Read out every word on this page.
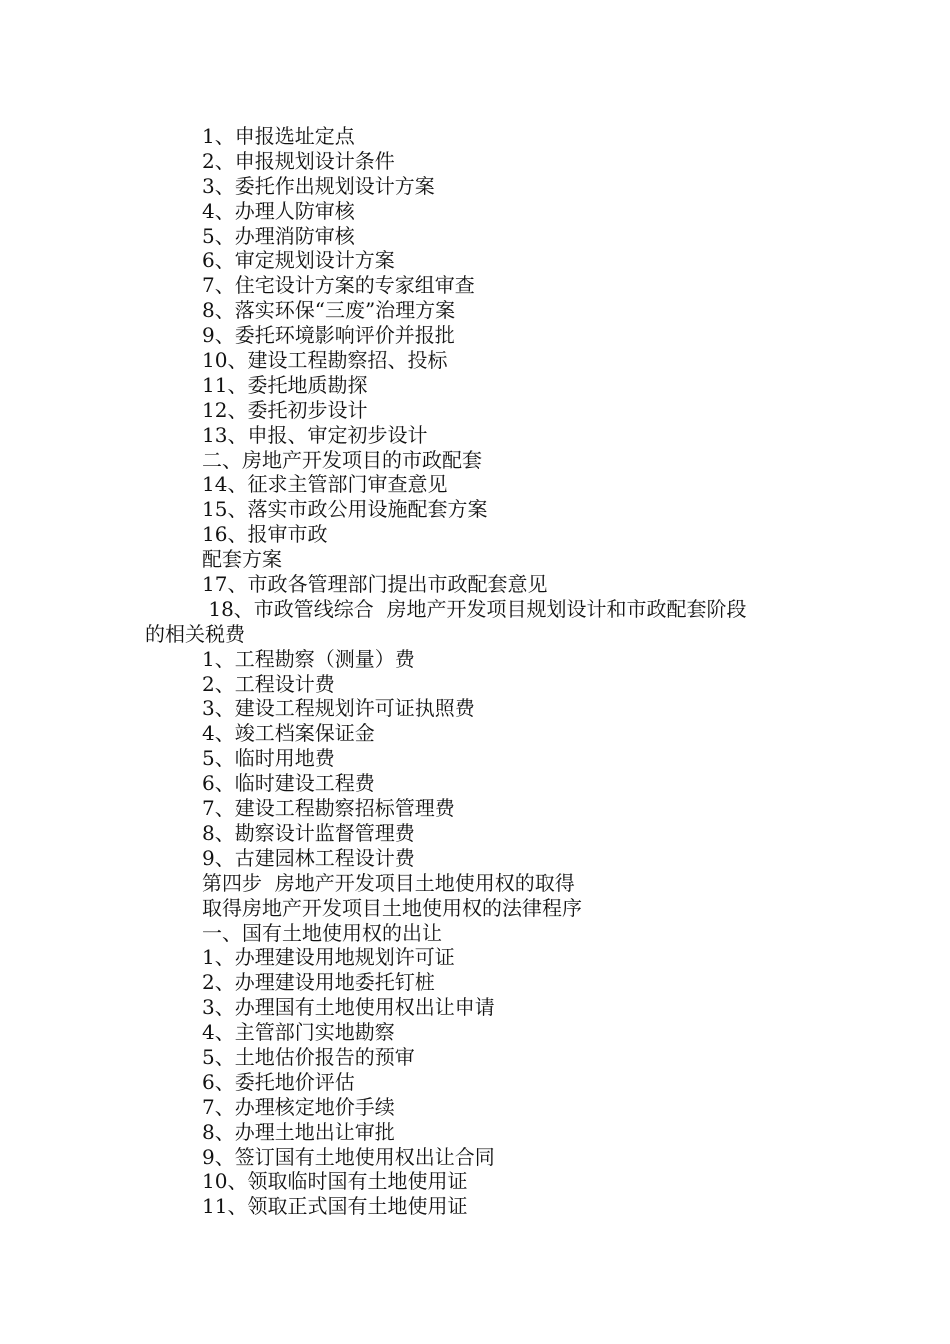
1、申报选址定点
2、申报规划设计条件
3、委托作出规划设计方案
4、办理人防审核
5、办理消防审核
6、审定规划设计方案
7、住宅设计方案的专家组审查
8、落实环保“三废”治理方案
9、委托环境影响评价并报批
10、建设工程勘察招、投标
11、委托地质勘探
12、委托初步设计
13、申报、审定初步设计
二、房地产开发项目的市政配套
14、征求主管部门审查意见
15、落实市政公用设施配套方案
16、报审市政
配套方案
17、市政各管理部门提出市政配套意见
18、市政管线综合  房地产开发项目规划设计和市政配套阶段
的相关税费
1、工程勘察（测量）费
2、工程设计费
3、建设工程规划许可证执照费
4、竣工档案保证金
5、临时用地费
6、临时建设工程费
7、建设工程勘察招标管理费
8、勘察设计监督管理费
9、古建园林工程设计费
第四步  房地产开发项目土地使用权的取得
取得房地产开发项目土地使用权的法律程序
一、国有土地使用权的出让
1、办理建设用地规划许可证
2、办理建设用地委托钉桩
3、办理国有土地使用权出让申请
4、主管部门实地勘察
5、土地估价报告的预审
6、委托地价评估
7、办理核定地价手续
8、办理土地出让审批
9、签订国有土地使用权出让合同
10、领取临时国有土地使用证
11、领取正式国有土地使用证
